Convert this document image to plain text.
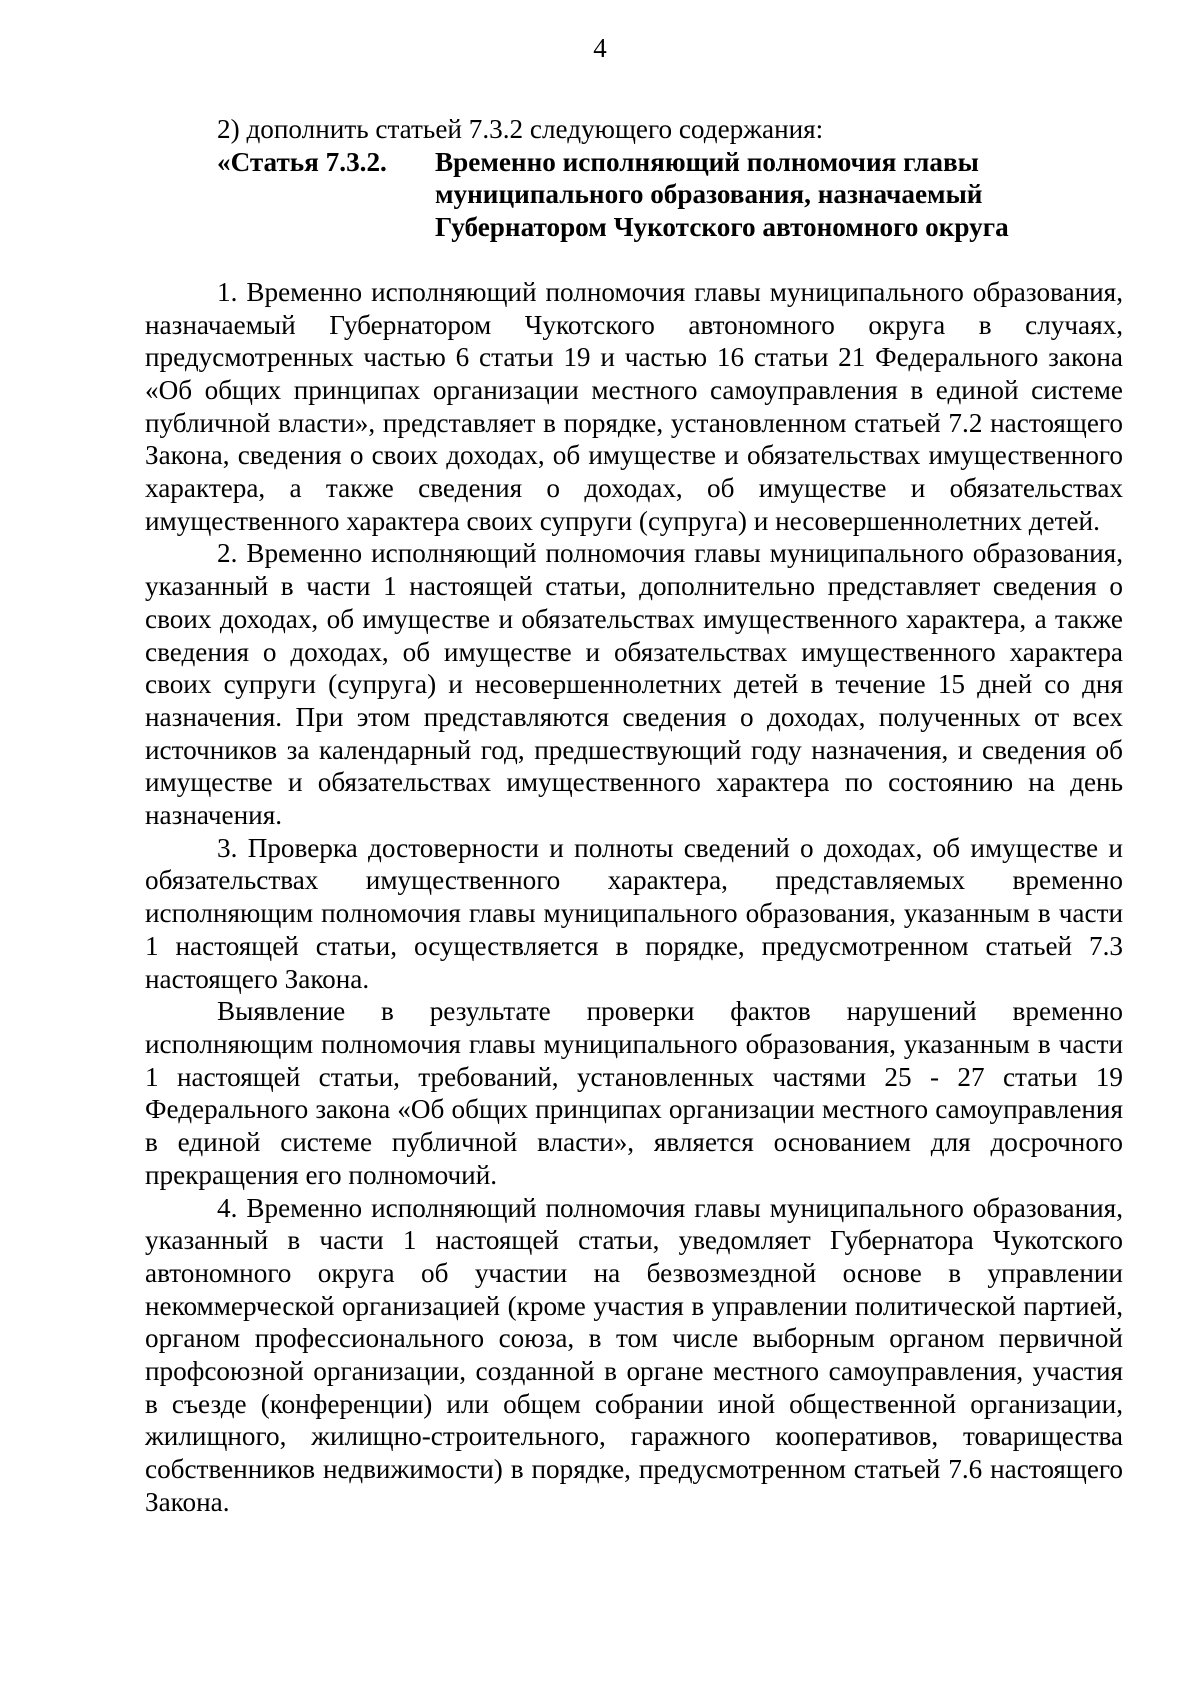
4

2) дополнить статьей 7.3.2 следующего содержания:

«Статья 7.3.2.	Временно исполняющий полномочия главы
муниципального образования, назначаемый
Губернатором Чукотского автономного округа

1. Временно исполняющий полномочия главы муниципального образования, назначаемый Губернатором Чукотского автономного округа в случаях, предусмотренных частью 6 статьи 19 и частью 16 статьи 21 Федерального закона «Об общих принципах организации местного самоуправления в единой системе публичной власти», представляет в порядке, установленном статьей 7.2 настоящего Закона, сведения о своих доходах, об имуществе и обязательствах имущественного характера, а также сведения о доходах, об имуществе и обязательствах имущественного характера своих супруги (супруга) и несовершеннолетних детей.

2. Временно исполняющий полномочия главы муниципального образования, указанный в части 1 настоящей статьи, дополнительно представляет сведения о своих доходах, об имуществе и обязательствах имущественного характера, а также сведения о доходах, об имуществе и обязательствах имущественного характера своих супруги (супруга) и несовершеннолетних детей в течение 15 дней со дня назначения. При этом представляются сведения о доходах, полученных от всех источников за календарный год, предшествующий году назначения, и сведения об имуществе и обязательствах имущественного характера по состоянию на день назначения.

3. Проверка достоверности и полноты сведений о доходах, об имуществе и обязательствах имущественного характера, представляемых временно исполняющим полномочия главы муниципального образования, указанным в части 1 настоящей статьи, осуществляется в порядке, предусмотренном статьей 7.3 настоящего Закона.

Выявление в результате проверки фактов нарушений временно исполняющим полномочия главы муниципального образования, указанным в части 1 настоящей статьи, требований, установленных частями 25 - 27 статьи 19 Федерального закона «Об общих принципах организации местного самоуправления в единой системе публичной власти», является основанием для досрочного прекращения его полномочий.

4. Временно исполняющий полномочия главы муниципального образования, указанный в части 1 настоящей статьи, уведомляет Губернатора Чукотского автономного округа об участии на безвозмездной основе в управлении некоммерческой организацией (кроме участия в управлении политической партией, органом профессионального союза, в том числе выборным органом первичной профсоюзной организации, созданной в органе местного самоуправления, участия в съезде (конференции) или общем собрании иной общественной организации, жилищного, жилищно-строительного, гаражного кооперативов, товарищества собственников недвижимости) в порядке, предусмотренном статьей 7.6 настоящего Закона.
